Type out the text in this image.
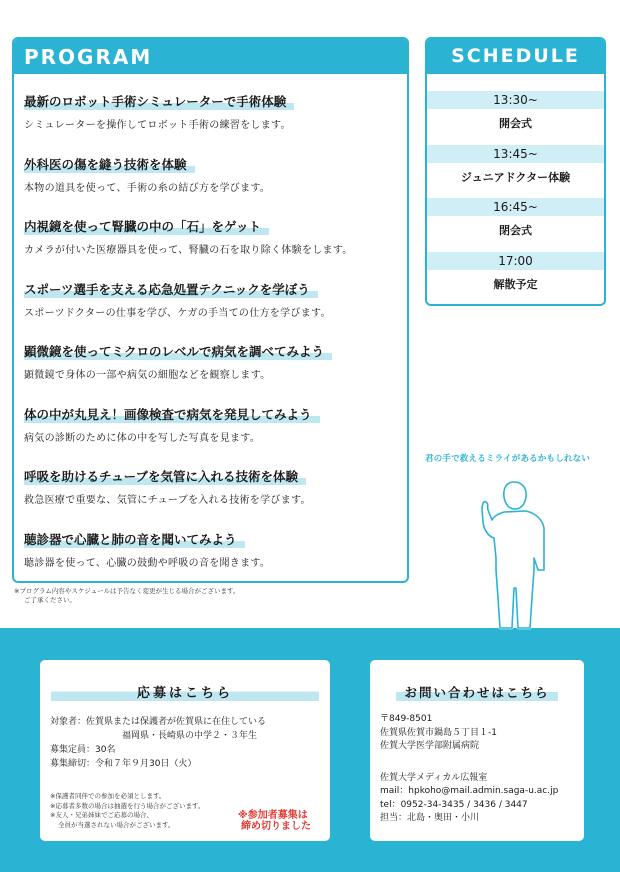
PROGRAM
最新のロボット手術シミュレーターで手術体験
シミュレーターを操作してロボット手術の練習をします。
外科医の傷を縫う技術を体験
本物の道具を使って、手術の糸の結び方を学びます。
内視鏡を使って腎臓の中の「石」をゲット
カメラが付いた医療器具を使って、腎臓の石を取り除く体験をします。
スポーツ選手を支える応急処置テクニックを学ぼう
スポーツドクターの仕事を学び、ケガの手当ての仕方を学びます。
顕微鏡を使ってミクロのレベルで病気を調べてみよう
顕微鏡で身体の一部や病気の細胞などを観察します。
体の中が丸見え！画像検査で病気を発見してみよう
病気の診断のために体の中を写した写真を見ます。
呼吸を助けるチューブを気管に入れる技術を体験
救急医療で重要な、気管にチューブを入れる技術を学びます。
聴診器で心臓と肺の音を聞いてみよう
聴診器を使って、心臓の鼓動や呼吸の音を聞きます。
※プログラム内容やスケジュールは予告なく変更が生じる場合がございます。
ご了承ください。
SCHEDULE
13:30~
開会式
13:45~
ジュニアドクター体験
16:45~
閉会式
17:00
解散予定
君の手で救えるミライがあるかもしれない
応募はこちら
対象者：佐賀県または保護者が佐賀県に在住している
福岡県・長崎県の中学２・３年生
募集定員：30名
募集締切：令和７年９月30日（火）
※保護者同伴での参加を必須とします。
※応募者多数の場合は抽選を行う場合がございます。
※友人・兄弟姉妹でご応募の場合、
全員が当選されない場合がございます。
※参加者募集は
締め切りました
お問い合わせはこちら
〒849-8501
佐賀県佐賀市鍋島５丁目１-1
佐賀大学医学部附属病院
佐賀大学メディカル広報室
mail：hpkoho@mail.admin.saga-u.ac.jp
tel：0952-34-3435 / 3436 / 3447
担当：北島・奥田・小川
